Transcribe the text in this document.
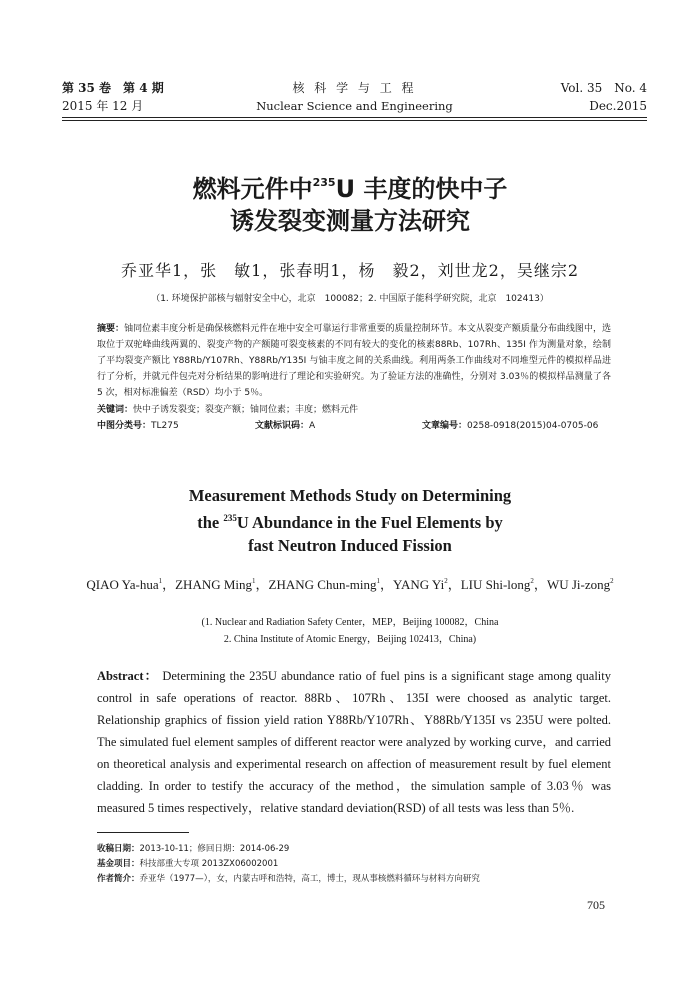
第 35 卷　第 4 期
2015 年 12 月
核 科 学 与 工 程
Nuclear Science and Engineering
Vol. 35　No. 4
Dec.2015
燃料元件中$^{235}$U 丰度的快中子
诱发裂变测量方法研究
乔亚华1，张　敏1，张春明1，杨　毅2，刘世龙2，吴继宗2
（1. 环境保护部核与辐射安全中心，北京　100082；2. 中国原子能科学研究院，北京　102413）
摘要：铀同位素丰度分析是确保核燃料元件在堆中安全可靠运行非常重要的质量控制环节。本文从裂变产额质量分布曲线图中，选取位于双驼峰曲线两翼的、裂变产物的产额随可裂变核素的不同有较大的变化的核素88Rb、107Rh、135I 作为测量对象，绘制了平均裂变产额比 Y88Rb/Y107Rh、Y88Rb/Y135I 与铀丰度之间的关系曲线。利用两条工作曲线对不同堆型元件的模拟样品进行了分析，并就元件包壳对分析结果的影响进行了理论和实验研究。为了验证方法的准确性，分别对 3.03％的模拟样品测量了各 5 次，相对标准偏差（RSD）均小于 5％。
关键词：快中子诱发裂变；裂变产额；铀同位素；丰度；燃料元件
中图分类号：TL275	文献标识码：A	文章编号：0258-0918(2015)04-0705-06
Measurement Methods Study on Determining
the $^{235}$U Abundance in the Fuel Elements by
fast Neutron Induced Fission
QIAO Ya-hua$^1$，ZHANG Ming$^1$，ZHANG Chun-ming$^1$，YANG Yi$^2$，LIU Shi-long$^2$，WU Ji-zong$^2$
(1. Nuclear and Radiation Safety Center，MEP，Beijing 100082，China
2. China Institute of Atomic Energy，Beijing 102413，China)
Abstract： Determining the 235U abundance ratio of fuel pins is a significant stage among quality control in safe operations of reactor. 88Rb、107Rh、135I were choosed as analytic target. Relationship graphics of fission yield ration Y88Rb/Y107Rh、Y88Rb/Y135I vs 235U were polted. The simulated fuel element samples of different reactor were analyzed by working curve，and carried on theoretical analysis and experimental research on affection of measurement result by fuel element cladding. In order to testify the accuracy of the method，the simulation sample of 3.03％ was measured 5 times respectively，relative standard deviation(RSD) of all tests was less than 5％.
收稿日期：2013-10-11；修回日期：2014-06-29
基金项目：科技部重大专项 2013ZX06002001
作者简介：乔亚华（1977—），女，内蒙古呼和浩特，高工，博士，现从事核燃料循环与材料方向研究
705
